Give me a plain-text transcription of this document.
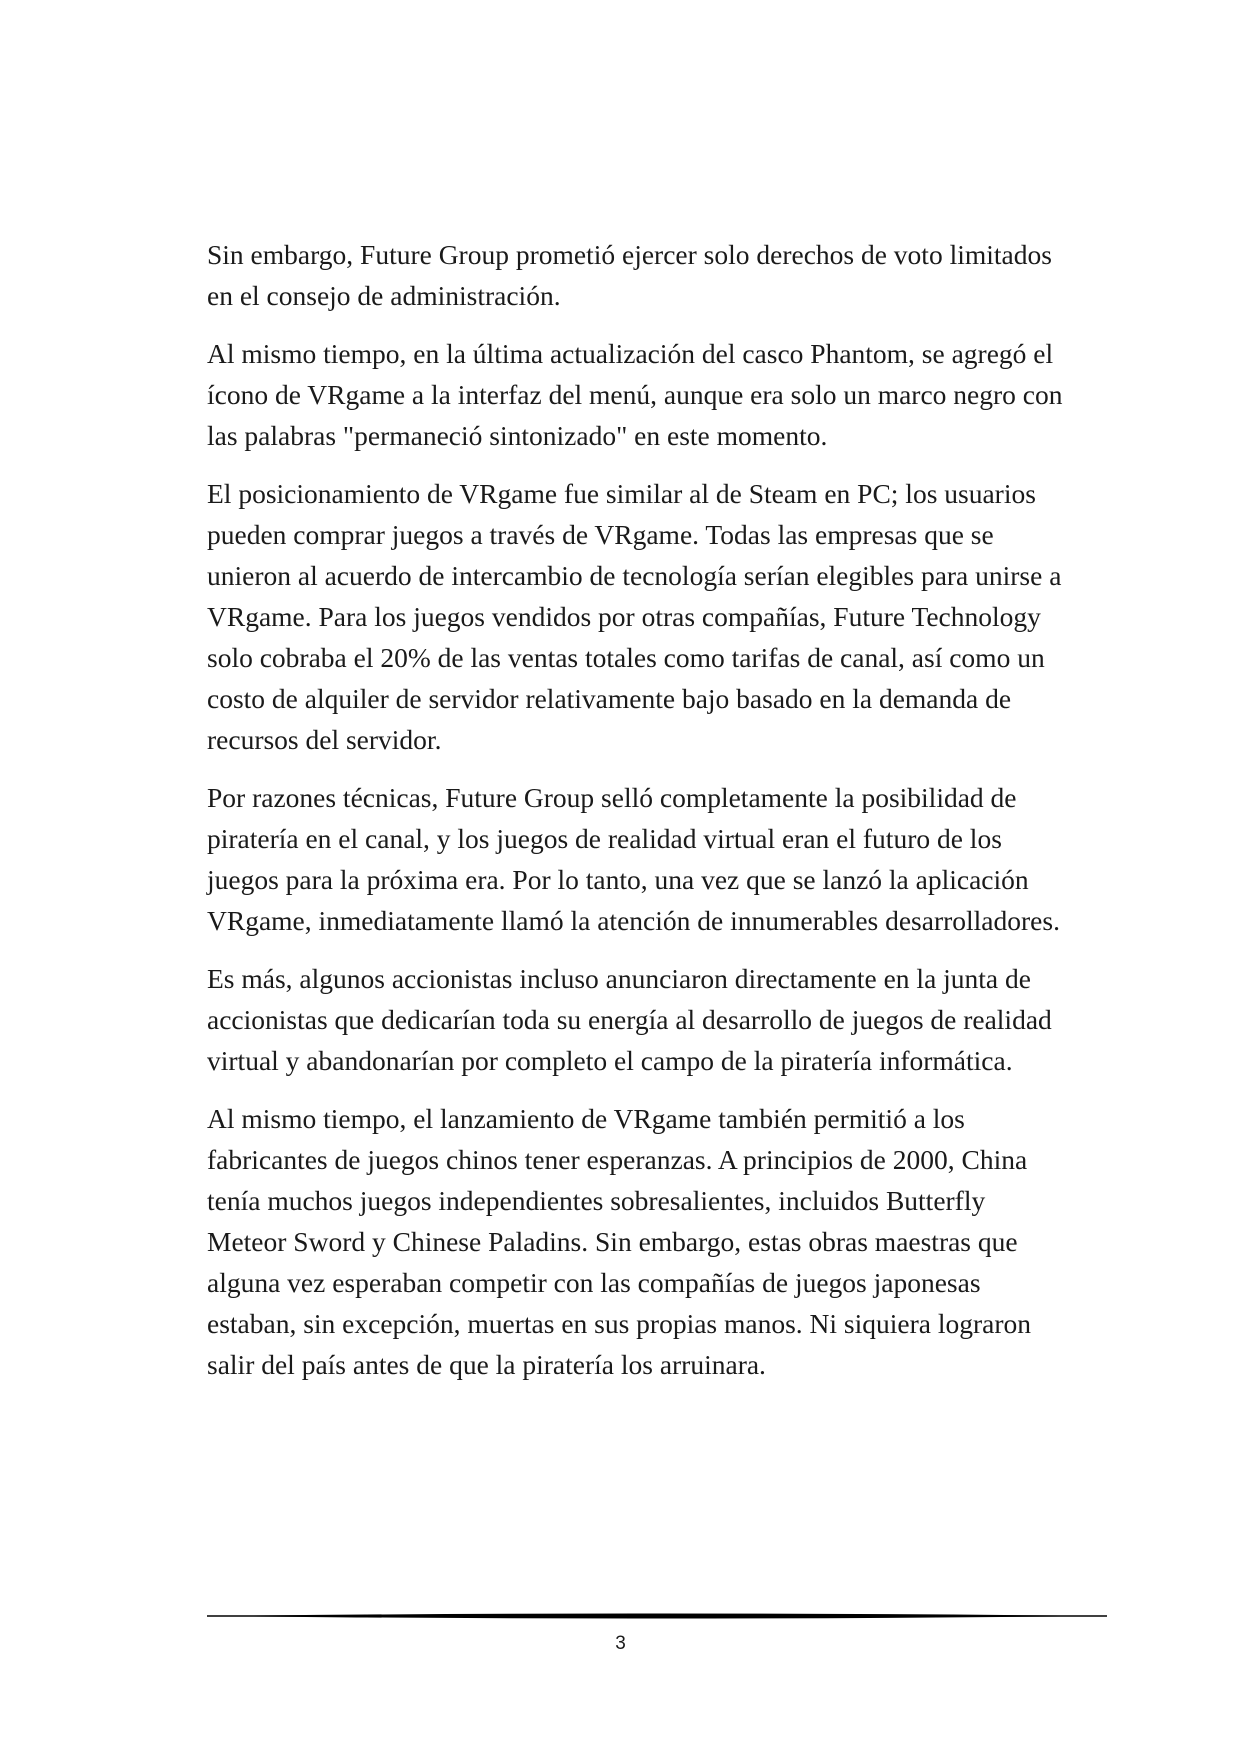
Sin embargo, Future Group prometió ejercer solo derechos de voto limitados en el consejo de administración.

Al mismo tiempo, en la última actualización del casco Phantom, se agregó el ícono de VRgame a la interfaz del menú, aunque era solo un marco negro con las palabras "permaneció sintonizado" en este momento.

El posicionamiento de VRgame fue similar al de Steam en PC; los usuarios pueden comprar juegos a través de VRgame. Todas las empresas que se unieron al acuerdo de intercambio de tecnología serían elegibles para unirse a VRgame. Para los juegos vendidos por otras compañías, Future Technology solo cobraba el 20% de las ventas totales como tarifas de canal, así como un costo de alquiler de servidor relativamente bajo basado en la demanda de recursos del servidor.

Por razones técnicas, Future Group selló completamente la posibilidad de piratería en el canal, y los juegos de realidad virtual eran el futuro de los juegos para la próxima era. Por lo tanto, una vez que se lanzó la aplicación VRgame, inmediatamente llamó la atención de innumerables desarrolladores.

Es más, algunos accionistas incluso anunciaron directamente en la junta de accionistas que dedicarían toda su energía al desarrollo de juegos de realidad virtual y abandonarían por completo el campo de la piratería informática.

Al mismo tiempo, el lanzamiento de VRgame también permitió a los fabricantes de juegos chinos tener esperanzas. A principios de 2000, China tenía muchos juegos independientes sobresalientes, incluidos Butterfly Meteor Sword y Chinese Paladins. Sin embargo, estas obras maestras que alguna vez esperaban competir con las compañías de juegos japonesas estaban, sin excepción, muertas en sus propias manos. Ni siquiera lograron salir del país antes de que la piratería los arruinara.

3
